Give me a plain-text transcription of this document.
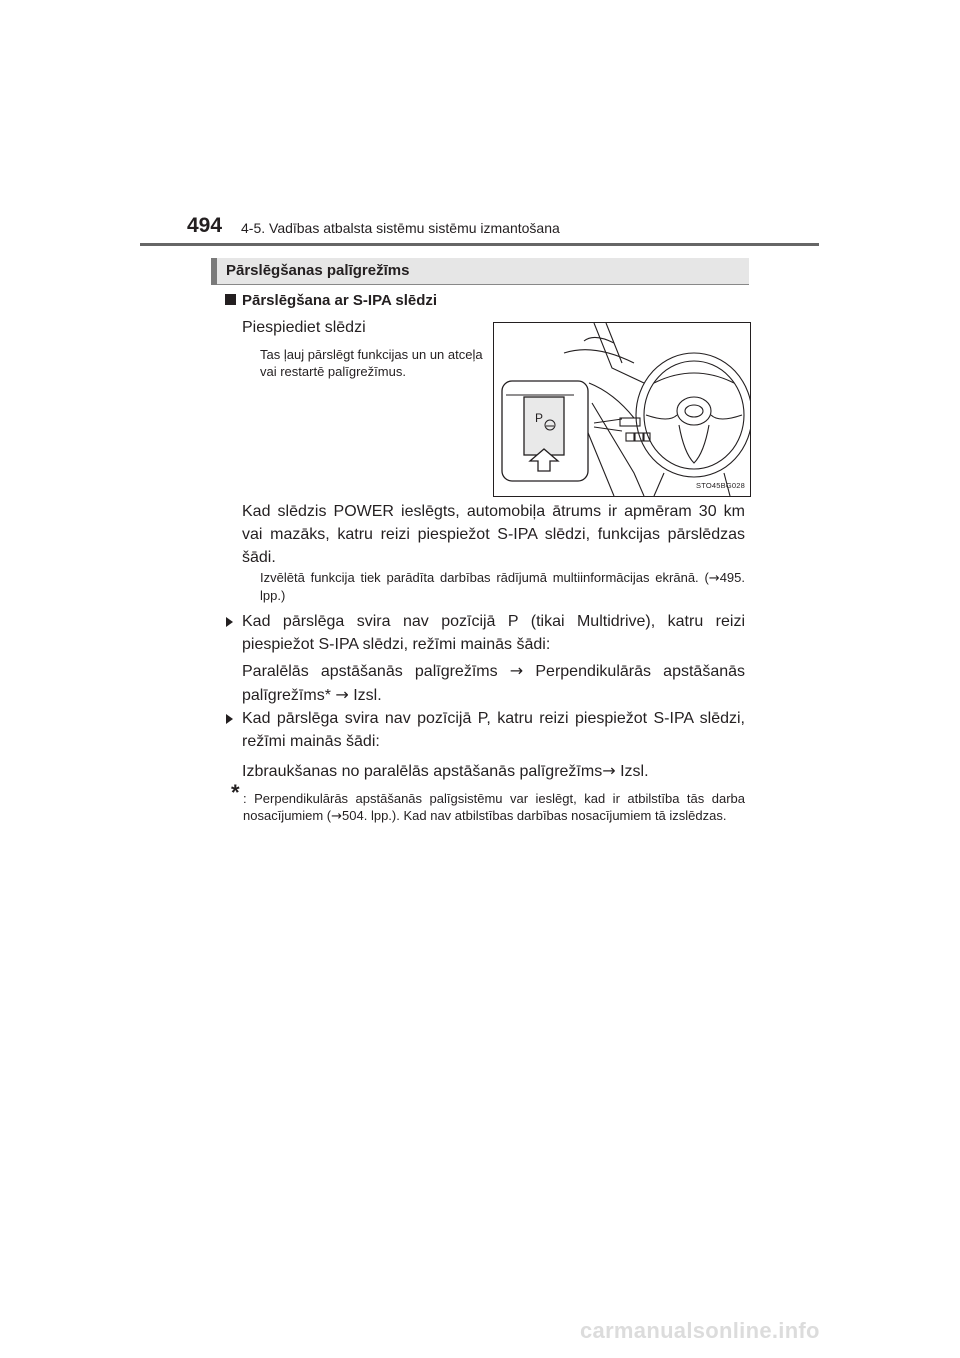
494 4-5. Vadības atbalsta sistēmu sistēmu izmantošana
Pārslēgšanas palīgrežīms
Pārslēgšana ar S-IPA slēdzi
Piespiediet slēdzi
Tas ļauj pārslēgt funkcijas un un atceļa vai restartē palīgrežīmus.
P
STO45BG028
Kad slēdzis POWER ieslēgts, automobiļa ātrums ir apmēram 30 km vai mazāks, katru reizi piespiežot S-IPA slēdzi, funkcijas pārslēdzas šādi.
Izvēlētā funkcija tiek parādīta darbības rādījumā multiinformācijas ekrānā. (→495. lpp.)
Kad pārslēga svira nav pozīcijā P (tikai Multidrive), katru reizi piespiežot S-IPA slēdzi, režīmi mainās šādi:
Paralēlās apstāšanās palīgrežīms → Perpendikulārās apstāšanās palīgrežīms* → Izsl.
Kad pārslēga svira nav pozīcijā P, katru reizi piespiežot S-IPA slēdzi, režīmi mainās šādi:
Izbraukšanas no paralēlās apstāšanās palīgrežīms→ Izsl.
* : Perpendikulārās apstāšanās palīgsistēmu var ieslēgt, kad ir atbilstība tās darba nosacījumiem (→504. lpp.). Kad nav atbilstības darbības nosacījumiem tā izslēdzas.
carmanualsonline.info
